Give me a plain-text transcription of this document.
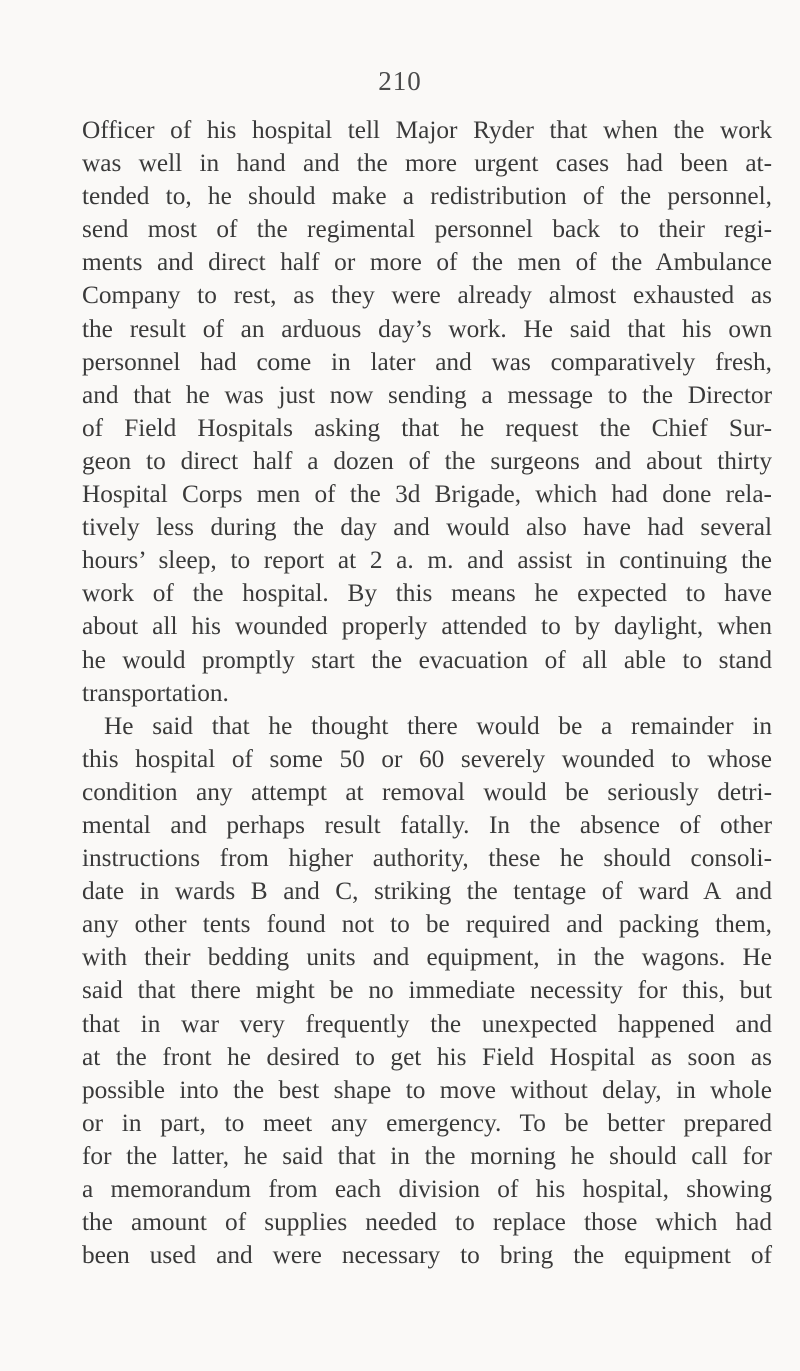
210
Officer of his hospital tell Major Ryder that when the work
was well in hand and the more urgent cases had been at-
tended to, he should make a redistribution of the personnel,
send most of the regimental personnel back to their regi-
ments and direct half or more of the men of the Ambulance
Company to rest, as they were already almost exhausted as
the result of an arduous day’s work. He said that his own
personnel had come in later and was comparatively fresh,
and that he was just now sending a message to the Director
of Field Hospitals asking that he request the Chief Sur-
geon to direct half a dozen of the surgeons and about thirty
Hospital Corps men of the 3d Brigade, which had done rela-
tively less during the day and would also have had several
hours’ sleep, to report at 2 a. m. and assist in continuing the
work of the hospital. By this means he expected to have
about all his wounded properly attended to by daylight, when
he would promptly start the evacuation of all able to stand
transportation.
He said that he thought there would be a remainder in
this hospital of some 50 or 60 severely wounded to whose
condition any attempt at removal would be seriously detri-
mental and perhaps result fatally. In the absence of other
instructions from higher authority, these he should consoli-
date in wards B and C, striking the tentage of ward A and
any other tents found not to be required and packing them,
with their bedding units and equipment, in the wagons. He
said that there might be no immediate necessity for this, but
that in war very frequently the unexpected happened and
at the front he desired to get his Field Hospital as soon as
possible into the best shape to move without delay, in whole
or in part, to meet any emergency. To be better prepared
for the latter, he said that in the morning he should call for
a memorandum from each division of his hospital, showing
the amount of supplies needed to replace those which had
been used and were necessary to bring the equipment of
